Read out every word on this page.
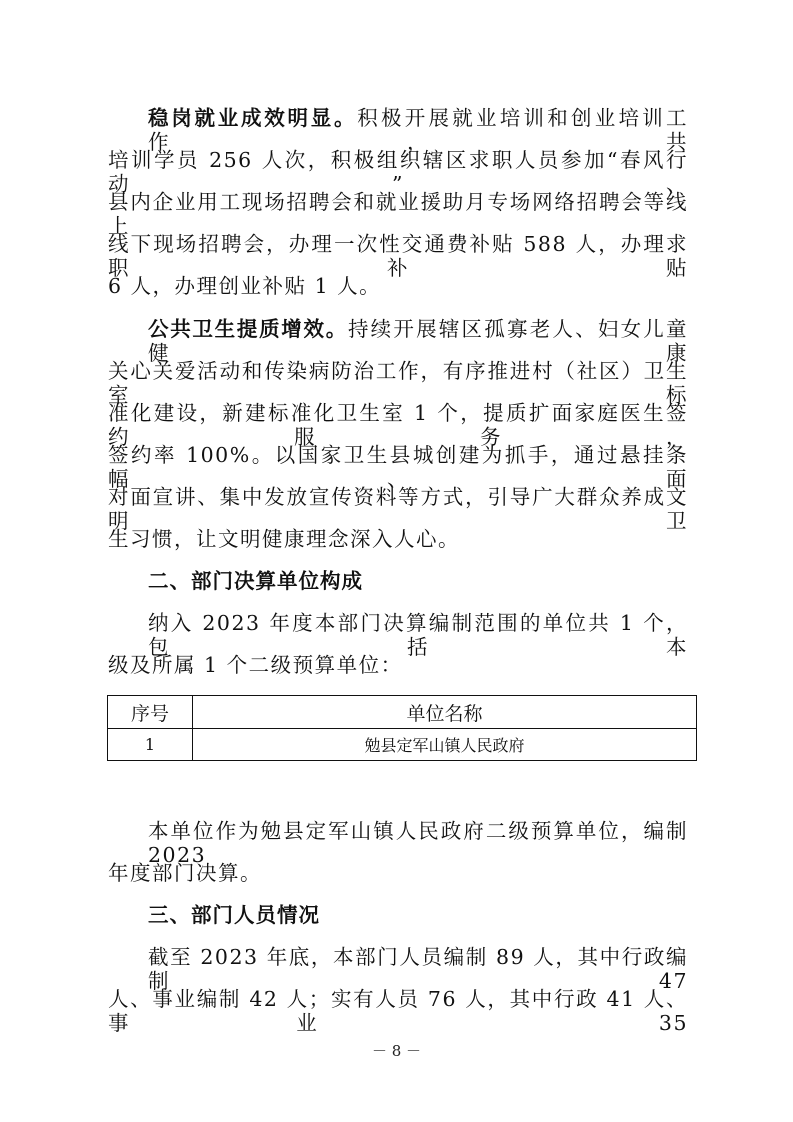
稳岗就业成效明显。积极开展就业培训和创业培训工作，共
培训学员 256 人次，积极组织辖区求职人员参加“春风行动”、
县内企业用工现场招聘会和就业援助月专场网络招聘会等线上
线下现场招聘会，办理一次性交通费补贴 588 人，办理求职补贴
6 人，办理创业补贴 1 人。
公共卫生提质增效。持续开展辖区孤寡老人、妇女儿童健康
关心关爱活动和传染病防治工作，有序推进村（社区）卫生室标
准化建设，新建标准化卫生室 1 个，提质扩面家庭医生签约服务，
签约率 100%。以国家卫生县城创建为抓手，通过悬挂条幅、面
对面宣讲、集中发放宣传资料等方式，引导广大群众养成文明卫
生习惯，让文明健康理念深入人心。
二、部门决算单位构成
纳入 2023 年度本部门决算编制范围的单位共 1 个，包括本
级及所属 1 个二级预算单位：
序号	单位名称
1	勉县定军山镇人民政府
本单位作为勉县定军山镇人民政府二级预算单位，编制 2023
年度部门决算。
三、部门人员情况
截至 2023 年底，本部门人员编制 89 人，其中行政编制 47
人、事业编制 42 人；实有人员 76 人，其中行政 41 人、事业 35
－ 8 －
